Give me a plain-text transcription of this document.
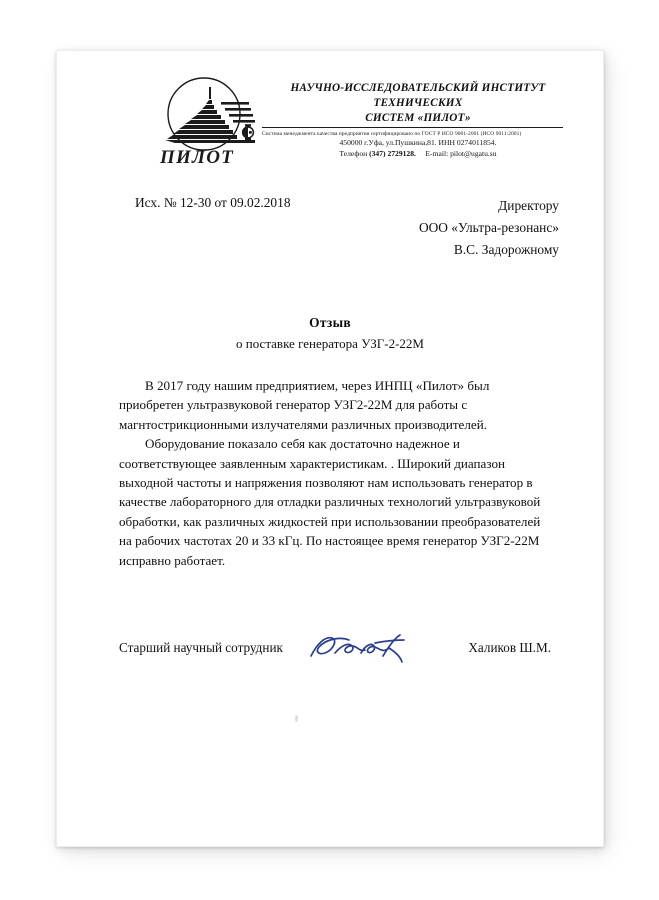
ПИЛОТ
НАУЧНО-ИССЛЕДОВАТЕЛЬСКИЙ ИНСТИТУТ ТЕХНИЧЕСКИХ
СИСТЕМ «ПИЛОТ»
450000 г.Уфа, ул.Пушкина,81. ИНН 0274011854.
Телефон (347) 2729128. E-mail: pilot@ugatu.su
Система менеджмента качества предприятия сертифицировано по ГОСТ Р ИСО 9001-2001 (ИСО 9011:2001)
Исх. № 12-30 от 09.02.2018	Директору
ООО «Ультра-резонанс»
В.С. Задорожному
Отзыв
о поставке генератора УЗГ-2-22М

В 2017 году нашим предприятием, через ИНПЦ «Пилот» был приобретен ультразвуковой генератор УЗГ2-22М для работы с магнтострикционными излучателями различных производителей.

Оборудование показало себя как достаточно надежное и соответствующее заявленным характеристикам. . Широкий диапазон выходной частоты и напряжения позволяют нам использовать генератор в качестве лабораторного для отладки различных технологий ультразвуковой обработки, как различных жидкостей при использовании преобразователей на рабочих частотах 20 и 33 кГц. По настоящее время генератор УЗГ2-22М исправно работает.

Старший научный сотрудник	Халиков Ш.М.
